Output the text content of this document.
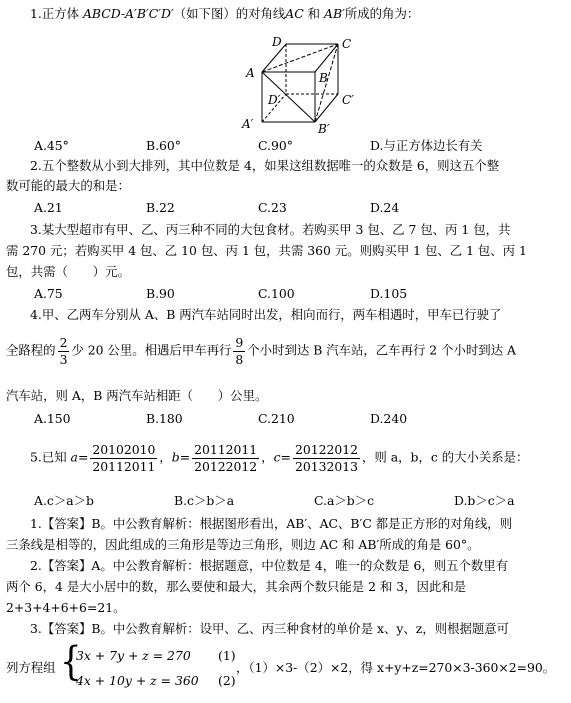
1.正方体 ABCD-A′B′C′D′（如下图）的对角线AC 和 AB′所成的角为：
D	C
A	B
D′	C′
A′	B′
A.45°	B.60°	C.90°	D.与正方体边长有关
2.五个整数从小到大排列，其中位数是 4，如果这组数据唯一的众数是 6，则这五个整
数可能的最大的和是：
A.21	B.22	C.23	D.24
3.某大型超市有甲、乙、丙三种不同的大包食材。若购买甲 3 包、乙 7 包、丙 1 包，共
需 270 元；若购买甲 4 包、乙 10 包、丙 1 包，共需 360 元。则购买甲 1 包、乙 1 包、丙 1
包，共需（　　）元。
A.75	B.90	C.100	D.105
4.甲、乙两车分别从 A、B 两汽车站同时出发，相向而行，两车相遇时，甲车已行驶了
全路程的 $\frac{2}{3}$ 少 20 公里。相遇后甲车再行 $\frac{9}{8}$ 个小时到达 B 汽车站，乙车再行 2 个小时到达 A
汽车站，则 A，B 两汽车站相距（　　）公里。
A.150	B.180	C.210	D.240
5.已知 $a= \frac{20102010}{20112011}$ ，$b= \frac{20112011}{20122012}$ ，$c= \frac{20122012}{20132013}$ ，则 a，b，c 的大小关系是：
A.c＞a＞b	B.c＞b＞a	C.a＞b＞c	D.b＞c＞a
1.【答案】B。中公教育解析：根据图形看出，AB′、AC、B′C 都是正方形的对角线，则
三条线是相等的，因此组成的三角形是等边三角形，则边 AC 和 AB′所成的角是 60°。
2.【答案】A。中公教育解析：根据题意，中位数是 4，唯一的众数是 6，则五个数里有
两个 6，4 是大小居中的数，那么要使和最大，其余两个数只能是 2 和 3，因此和是
2+3+4+6+6=21。
3.【答案】B。中公教育解析：设甲、乙、丙三种食材的单价是 x、y、z，则根据题意可
列方程组 {
3x + 7y + z = 270 (1)
4x + 10y + z = 360 (2)
，（1）×3-（2）×2，得 x+y+z=270×3-360×2=90。
